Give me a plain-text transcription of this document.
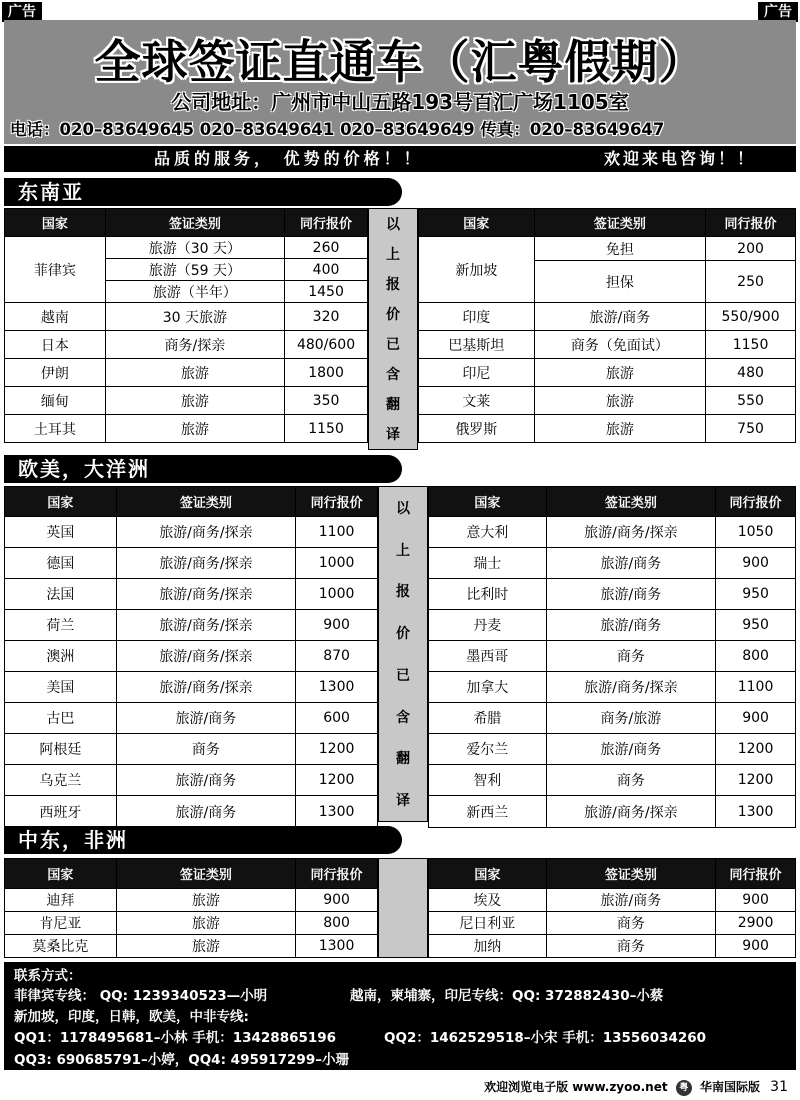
广告	广告
全球签证直通车（汇粤假期）
公司地址：广州市中山五路193号百汇广场1105室
电话：020–83649645 020–83649641 020–83649649 传真：020–83649647
品质的服务， 优势的价格！！	欢迎来电咨询！！
东南亚
国家	签证类别	同行报价
菲律宾	旅游（30 天）	260
	旅游（59 天）	400
	旅游（半年）	1450
越南	30 天旅游	320
日本	商务/探亲	480/600
伊朗	旅游	1800
缅甸	旅游	350
土耳其	旅游	1150
以
上
报
价
已
含
翻
译
国家	签证类别	同行报价
新加坡	免担	200
	担保	250
印度	旅游/商务	550/900
巴基斯坦	商务（免面试）	1150
印尼	旅游	480
文莱	旅游	550
俄罗斯	旅游	750
欧美，大洋洲
国家	签证类别	同行报价
英国	旅游/商务/探亲	1100
德国	旅游/商务/探亲	1000
法国	旅游/商务/探亲	1000
荷兰	旅游/商务/探亲	900
澳洲	旅游/商务/探亲	870
美国	旅游/商务/探亲	1300
古巴	旅游/商务	600
阿根廷	商务	1200
乌克兰	旅游/商务	1200
西班牙	旅游/商务	1300
以
上
报
价
已
含
翻
译
国家	签证类别	同行报价
意大利	旅游/商务/探亲	1050
瑞士	旅游/商务	900
比利时	旅游/商务	950
丹麦	旅游/商务	950
墨西哥	商务	800
加拿大	旅游/商务/探亲	1100
希腊	商务/旅游	900
爱尔兰	旅游/商务	1200
智利	商务	1200
新西兰	旅游/商务/探亲	1300
中东，非洲
国家	签证类别	同行报价
迪拜	旅游	900
肯尼亚	旅游	800
莫桑比克	旅游	1300
国家	签证类别	同行报价
埃及	旅游/商务	900
尼日利亚	商务	2900
加纳	商务	900
联系方式：
菲律宾专线： QQ: 1239340523—小明	越南，柬埔寨，印尼专线：QQ: 372882430–小蔡
新加坡，印度，日韩，欧美，中非专线:
QQ1：1178495681–小林 手机：13428865196	QQ2：1462529518–小宋 手机：13556034260
QQ3: 690685791–小婷，QQ4: 495917299–小珊
欢迎浏览电子版 www.zyoo.net 粤 华南国际版 31
